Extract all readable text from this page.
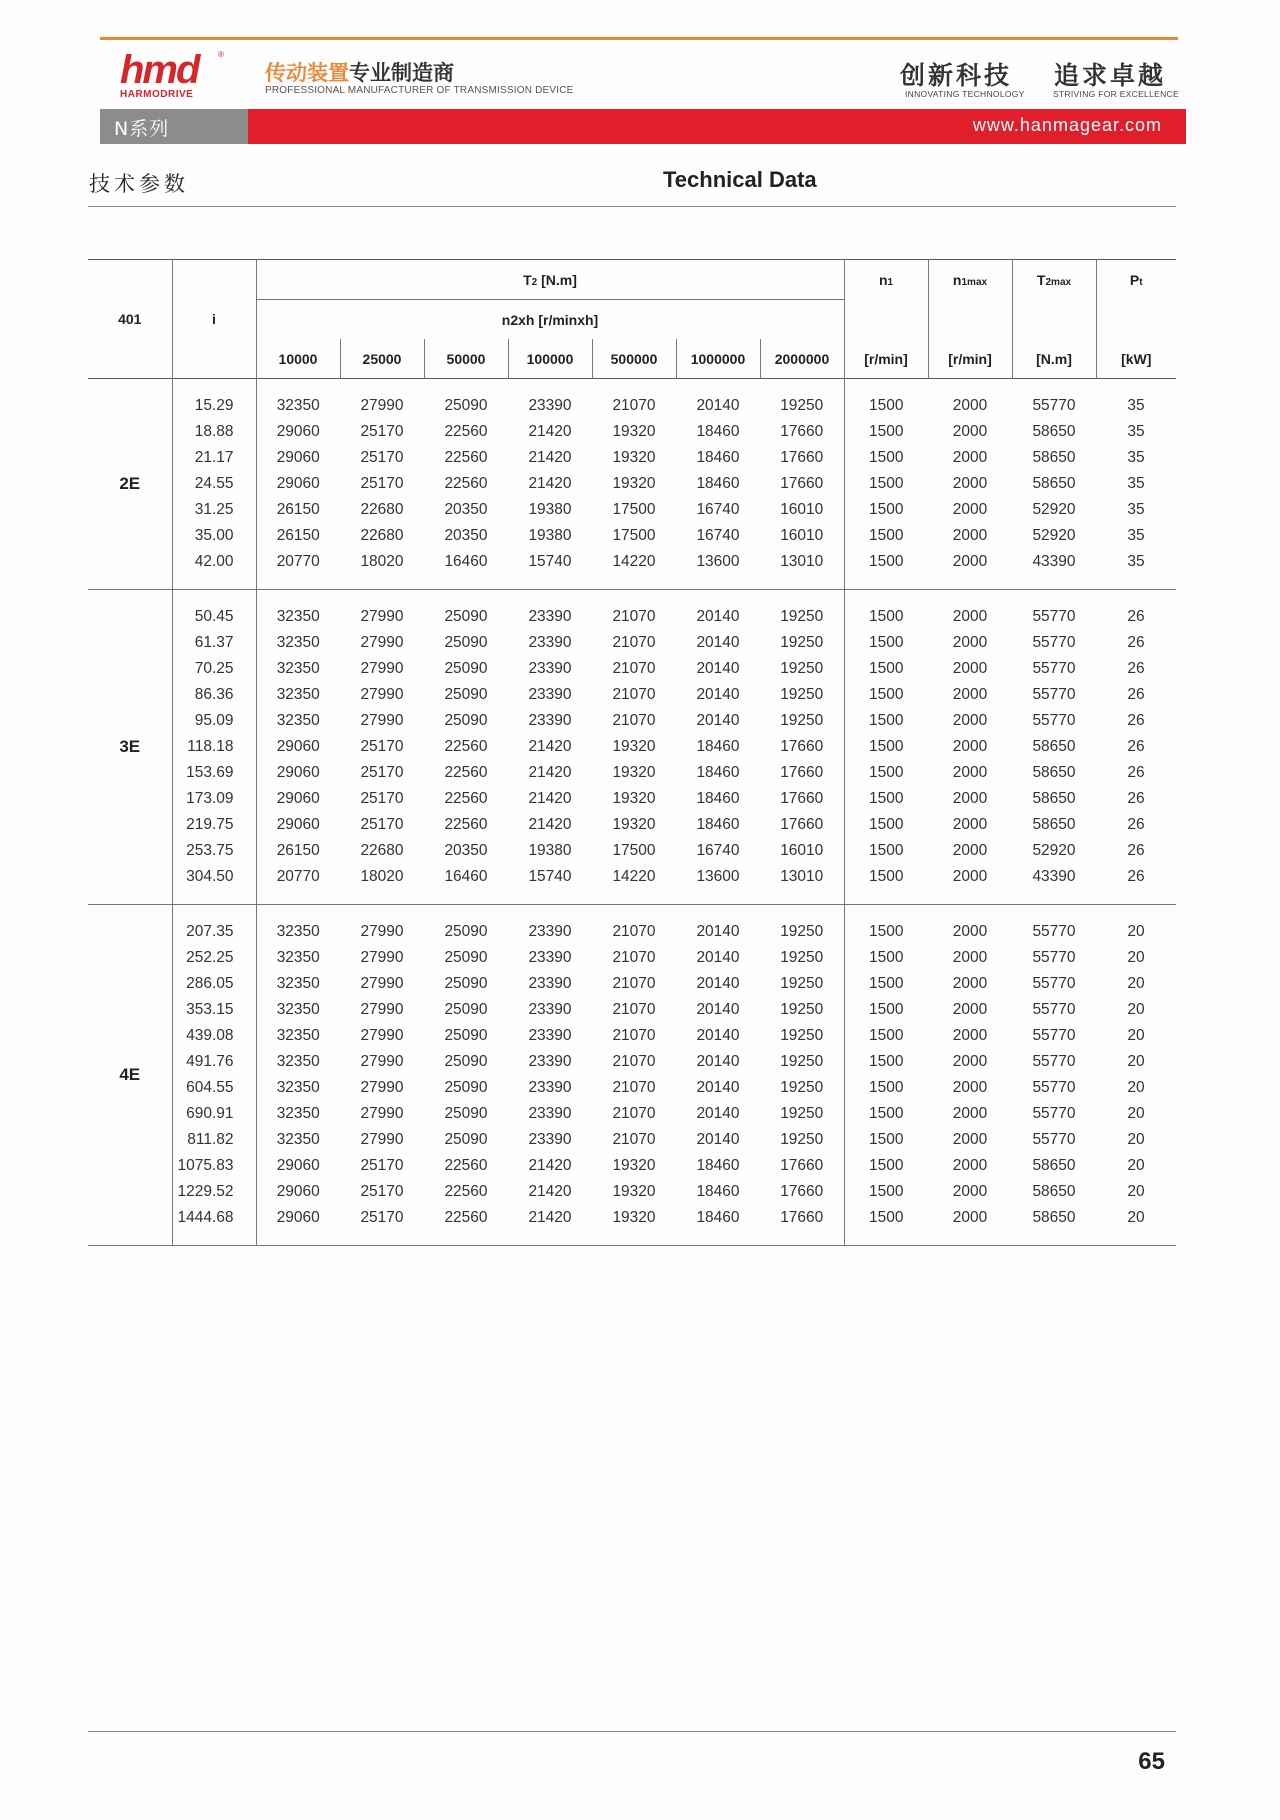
hmd
HARMODRIVE
®
传动装置专业制造商
PROFESSIONAL MANUFACTURER OF TRANSMISSION DEVICE
创新科技
INNOVATING TECHNOLOGY
追求卓越
STRIVING FOR EXCELLENCE
N系列	www.hanmagear.com
技术参数	Technical Data
401	i	T2 [N.m]							n1	n1max	T2max	Pt
		n2xh [r/minxh]										
		10000	25000	50000	100000	500000	1000000	2000000	[r/min]	[r/min]	[N.m]	[kW]

2E	15.29	32350	27990	25090	23390	21070	20140	19250	1500	2000	55770	35
	18.88	29060	25170	22560	21420	19320	18460	17660	1500	2000	58650	35
	21.17	29060	25170	22560	21420	19320	18460	17660	1500	2000	58650	35
	24.55	29060	25170	22560	21420	19320	18460	17660	1500	2000	58650	35
	31.25	26150	22680	20350	19380	17500	16740	16010	1500	2000	52920	35
	35.00	26150	22680	20350	19380	17500	16740	16010	1500	2000	52920	35
	42.00	20770	18020	16460	15740	14220	13600	13010	1500	2000	43390	35

3E	50.45	32350	27990	25090	23390	21070	20140	19250	1500	2000	55770	26
	61.37	32350	27990	25090	23390	21070	20140	19250	1500	2000	55770	26
	70.25	32350	27990	25090	23390	21070	20140	19250	1500	2000	55770	26
	86.36	32350	27990	25090	23390	21070	20140	19250	1500	2000	55770	26
	95.09	32350	27990	25090	23390	21070	20140	19250	1500	2000	55770	26
	118.18	29060	25170	22560	21420	19320	18460	17660	1500	2000	58650	26
	153.69	29060	25170	22560	21420	19320	18460	17660	1500	2000	58650	26
	173.09	29060	25170	22560	21420	19320	18460	17660	1500	2000	58650	26
	219.75	29060	25170	22560	21420	19320	18460	17660	1500	2000	58650	26
	253.75	26150	22680	20350	19380	17500	16740	16010	1500	2000	52920	26
	304.50	20770	18020	16460	15740	14220	13600	13010	1500	2000	43390	26

4E	207.35	32350	27990	25090	23390	21070	20140	19250	1500	2000	55770	20
	252.25	32350	27990	25090	23390	21070	20140	19250	1500	2000	55770	20
	286.05	32350	27990	25090	23390	21070	20140	19250	1500	2000	55770	20
	353.15	32350	27990	25090	23390	21070	20140	19250	1500	2000	55770	20
	439.08	32350	27990	25090	23390	21070	20140	19250	1500	2000	55770	20
	491.76	32350	27990	25090	23390	21070	20140	19250	1500	2000	55770	20
	604.55	32350	27990	25090	23390	21070	20140	19250	1500	2000	55770	20
	690.91	32350	27990	25090	23390	21070	20140	19250	1500	2000	55770	20
	811.82	32350	27990	25090	23390	21070	20140	19250	1500	2000	55770	20
	1075.83	29060	25170	22560	21420	19320	18460	17660	1500	2000	58650	20
	1229.52	29060	25170	22560	21420	19320	18460	17660	1500	2000	58650	20
	1444.68	29060	25170	22560	21420	19320	18460	17660	1500	2000	58650	20

65
